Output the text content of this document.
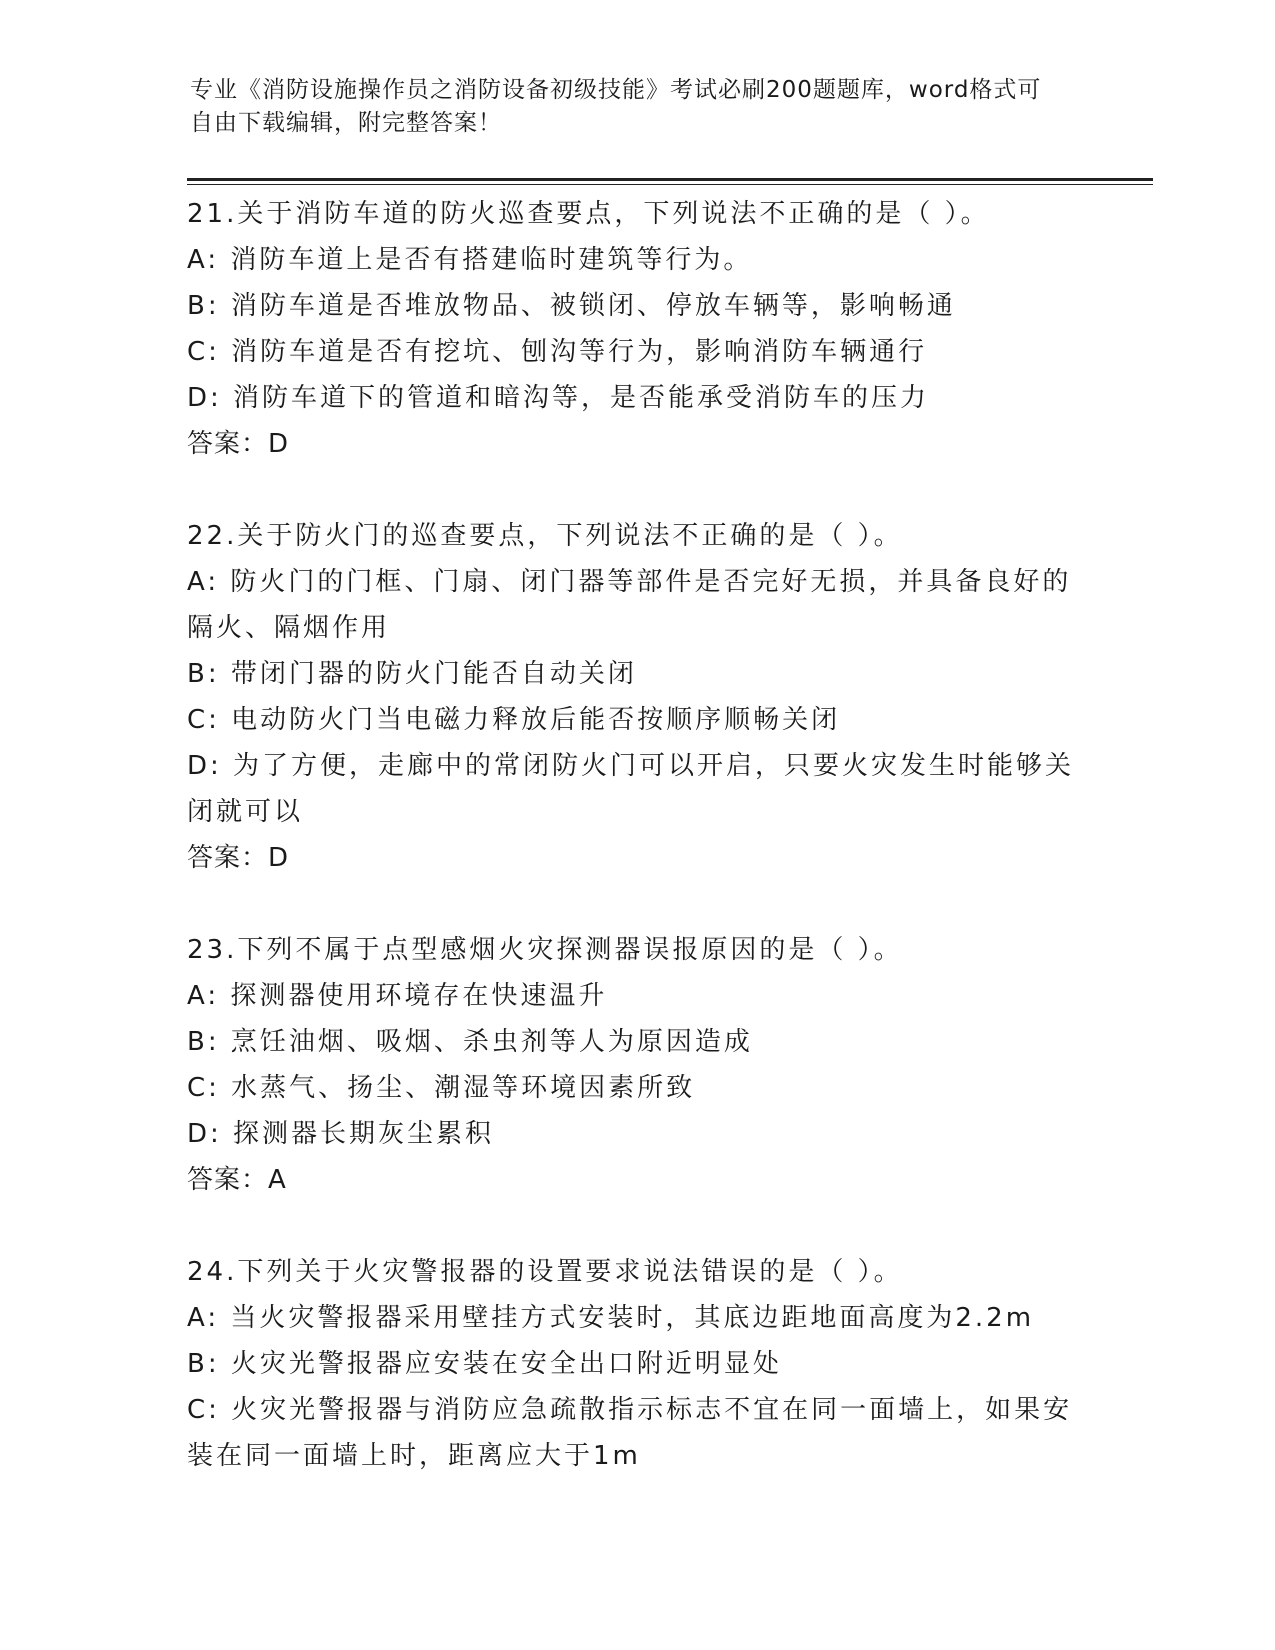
专业《消防设施操作员之消防设备初级技能》考试必刷200题题库，word格式可
自由下载编辑，附完整答案！
21.关于消防车道的防火巡查要点，下列说法不正确的是（ ）。
A: 消防车道上是否有搭建临时建筑等行为。
B: 消防车道是否堆放物品、被锁闭、停放车辆等，影响畅通
C: 消防车道是否有挖坑、刨沟等行为，影响消防车辆通行
D: 消防车道下的管道和暗沟等，是否能承受消防车的压力
答案：D
22.关于防火门的巡查要点，下列说法不正确的是（ ）。
A: 防火门的门框、门扇、闭门器等部件是否完好无损，并具备良好的
隔火、隔烟作用
B: 带闭门器的防火门能否自动关闭
C: 电动防火门当电磁力释放后能否按顺序顺畅关闭
D: 为了方便，走廊中的常闭防火门可以开启，只要火灾发生时能够关
闭就可以
答案：D
23.下列不属于点型感烟火灾探测器误报原因的是（ ）。
A: 探测器使用环境存在快速温升
B: 烹饪油烟、吸烟、杀虫剂等人为原因造成
C: 水蒸气、扬尘、潮湿等环境因素所致
D: 探测器长期灰尘累积
答案：A
24.下列关于火灾警报器的设置要求说法错误的是（ ）。
A: 当火灾警报器采用壁挂方式安装时，其底边距地面高度为2.2m
B: 火灾光警报器应安装在安全出口附近明显处
C: 火灾光警报器与消防应急疏散指示标志不宜在同一面墙上，如果安
装在同一面墙上时，距离应大于1m
